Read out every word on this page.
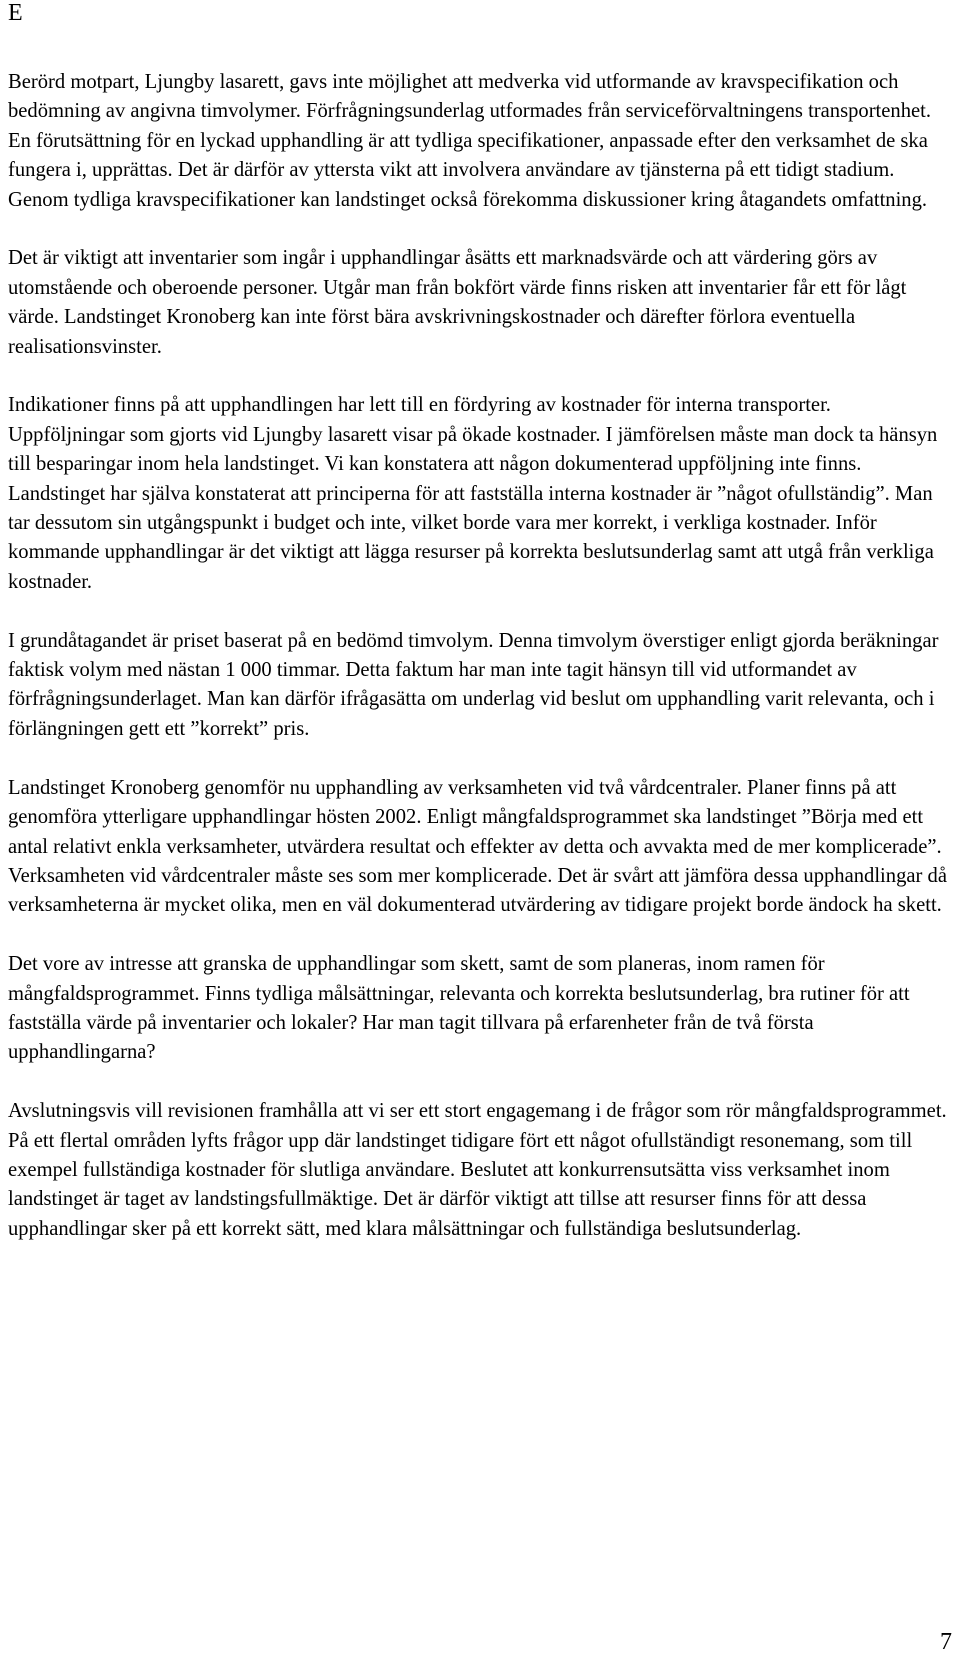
E

Berörd motpart, Ljungby lasarett, gavs inte möjlighet att medverka vid utformande av kravspecifikation och bedömning av angivna timvolymer. Förfrågningsunderlag utformades från serviceförvaltningens transportenhet. En förutsättning för en lyckad upphandling är att tydliga specifikationer, anpassade efter den verksamhet de ska fungera i, upprättas. Det är därför av yttersta vikt att involvera användare av tjänsterna på ett tidigt stadium. Genom tydliga kravspecifikationer kan landstinget också förekomma diskussioner kring åtagandets omfattning.

Det är viktigt att inventarier som ingår i upphandlingar åsätts ett marknadsvärde och att värdering görs av utomstående och oberoende personer. Utgår man från bokfört värde finns risken att inventarier får ett för lågt värde. Landstinget Kronoberg kan inte först bära avskrivningskostnader och därefter förlora eventuella realisationsvinster.

Indikationer finns på att upphandlingen har lett till en fördyring av kostnader för interna transporter. Uppföljningar som gjorts vid Ljungby lasarett visar på ökade kostnader. I jämförelsen måste man dock ta hänsyn till besparingar inom hela landstinget. Vi kan konstatera att någon dokumenterad uppföljning inte finns. Landstinget har själva konstaterat att principerna för att fastställa interna kostnader är ”något ofullständig”. Man tar dessutom sin utgångspunkt i budget och inte, vilket borde vara mer korrekt, i verkliga kostnader. Inför kommande upphandlingar är det viktigt att lägga resurser på korrekta beslutsunderlag samt att utgå från verkliga kostnader.

I grundåtagandet är priset baserat på en bedömd timvolym. Denna timvolym överstiger enligt gjorda beräkningar faktisk volym med nästan 1 000 timmar. Detta faktum har man inte tagit hänsyn till vid utformandet av förfrågningsunderlaget. Man kan därför ifrågasätta om underlag vid beslut om upphandling varit relevanta, och i förlängningen gett ett ”korrekt” pris.

Landstinget Kronoberg genomför nu upphandling av verksamheten vid två vårdcentraler. Planer finns på att genomföra ytterligare upphandlingar hösten 2002. Enligt mångfaldsprogrammet ska landstinget ”Börja med ett antal relativt enkla verksamheter, utvärdera resultat och effekter av detta och avvakta med de mer komplicerade”. Verksamheten vid vårdcentraler måste ses som mer komplicerade. Det är svårt att jämföra dessa upphandlingar då verksamheterna är mycket olika, men en väl dokumenterad utvärdering av tidigare projekt borde ändock ha skett.

Det vore av intresse att granska de upphandlingar som skett, samt de som planeras, inom ramen för mångfaldsprogrammet. Finns tydliga målsättningar, relevanta och korrekta beslutsunderlag, bra rutiner för att fastställa värde på inventarier och lokaler? Har man tagit tillvara på erfarenheter från de två första upphandlingarna?

Avslutningsvis vill revisionen framhålla att vi ser ett stort engagemang i de frågor som rör mångfaldsprogrammet. På ett flertal områden lyfts frågor upp där landstinget tidigare fört ett något ofullständigt resonemang, som till exempel fullständiga kostnader för slutliga användare. Beslutet att konkurrensutsätta viss verksamhet inom landstinget är taget av landstingsfullmäktige. Det är därför viktigt att tillse att resurser finns för att dessa upphandlingar sker på ett korrekt sätt, med klara målsättningar och fullständiga beslutsunderlag.

7
